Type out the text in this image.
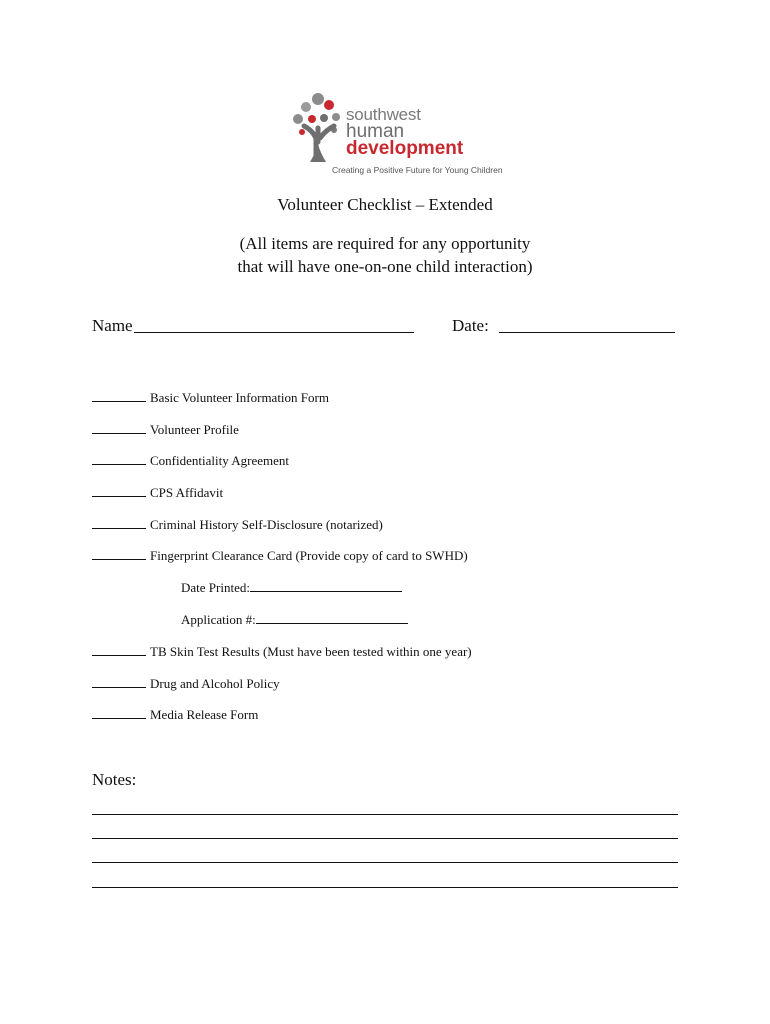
southwest
human
development
Creating a Positive Future for Young Children
Volunteer Checklist – Extended
(All items are required for any opportunity
that will have one-on-one child interaction)
Name	Date:
Basic Volunteer Information Form
Volunteer Profile
Confidentiality Agreement
CPS Affidavit
Criminal History Self-Disclosure (notarized)
Fingerprint Clearance Card (Provide copy of card to SWHD)
Date Printed:
Application #:
TB Skin Test Results (Must have been tested within one year)
Drug and Alcohol Policy
Media Release Form
Notes:
